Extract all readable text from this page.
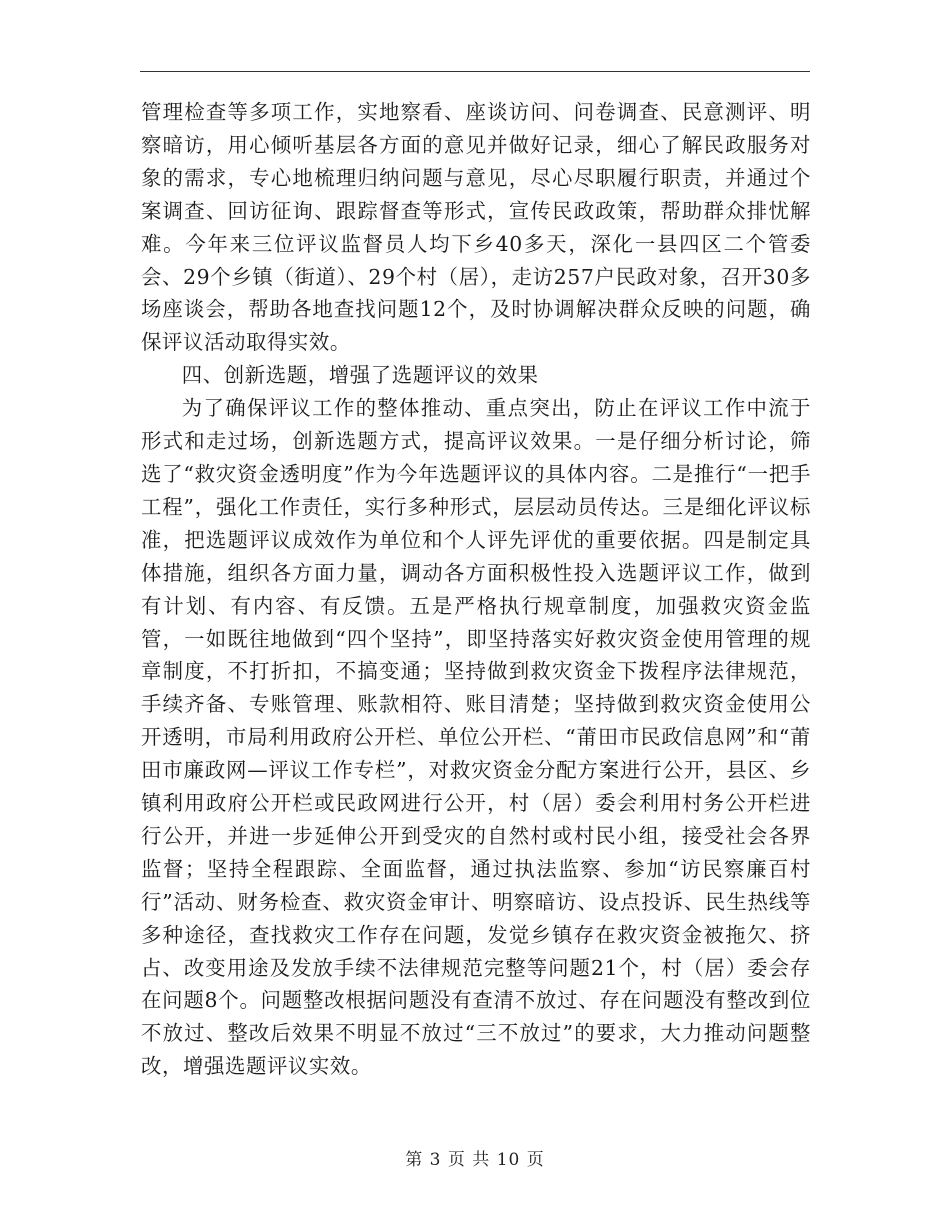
管理检查等多项工作，实地察看、座谈访问、问卷调查、民意测评、明察暗访，用心倾听基层各方面的意见并做好记录，细心了解民政服务对象的需求，专心地梳理归纳问题与意见，尽心尽职履行职责，并通过个案调查、回访征询、跟踪督查等形式，宣传民政政策，帮助群众排忧解难。今年来三位评议监督员人均下乡40多天，深化一县四区二个管委会、29个乡镇（街道）、29个村（居），走访257户民政对象，召开30多场座谈会，帮助各地查找问题12个，及时协调解决群众反映的问题，确保评议活动取得实效。

四、创新选题，增强了选题评议的效果

为了确保评议工作的整体推动、重点突出，防止在评议工作中流于形式和走过场，创新选题方式，提高评议效果。一是仔细分析讨论，筛选了“救灾资金透明度”作为今年选题评议的具体内容。二是推行“一把手工程”，强化工作责任，实行多种形式，层层动员传达。三是细化评议标准，把选题评议成效作为单位和个人评先评优的重要依据。四是制定具体措施，组织各方面力量，调动各方面积极性投入选题评议工作，做到有计划、有内容、有反馈。五是严格执行规章制度，加强救灾资金监管，一如既往地做到“四个坚持”，即坚持落实好救灾资金使用管理的规章制度，不打折扣，不搞变通；坚持做到救灾资金下拨程序法律规范，手续齐备、专账管理、账款相符、账目清楚；坚持做到救灾资金使用公开透明，市局利用政府公开栏、单位公开栏、“莆田市民政信息网”和“莆田市廉政网—评议工作专栏”，对救灾资金分配方案进行公开，县区、乡镇利用政府公开栏或民政网进行公开，村（居）委会利用村务公开栏进行公开，并进一步延伸公开到受灾的自然村或村民小组，接受社会各界监督；坚持全程跟踪、全面监督，通过执法监察、参加“访民察廉百村行”活动、财务检查、救灾资金审计、明察暗访、设点投诉、民生热线等多种途径，查找救灾工作存在问题，发觉乡镇存在救灾资金被拖欠、挤占、改变用途及发放手续不法律规范完整等问题21个，村（居）委会存在问题8个。问题整改根据问题没有查清不放过、存在问题没有整改到位不放过、整改后效果不明显不放过“三不放过”的要求，大力推动问题整改，增强选题评议实效。

第 3 页 共 10 页
